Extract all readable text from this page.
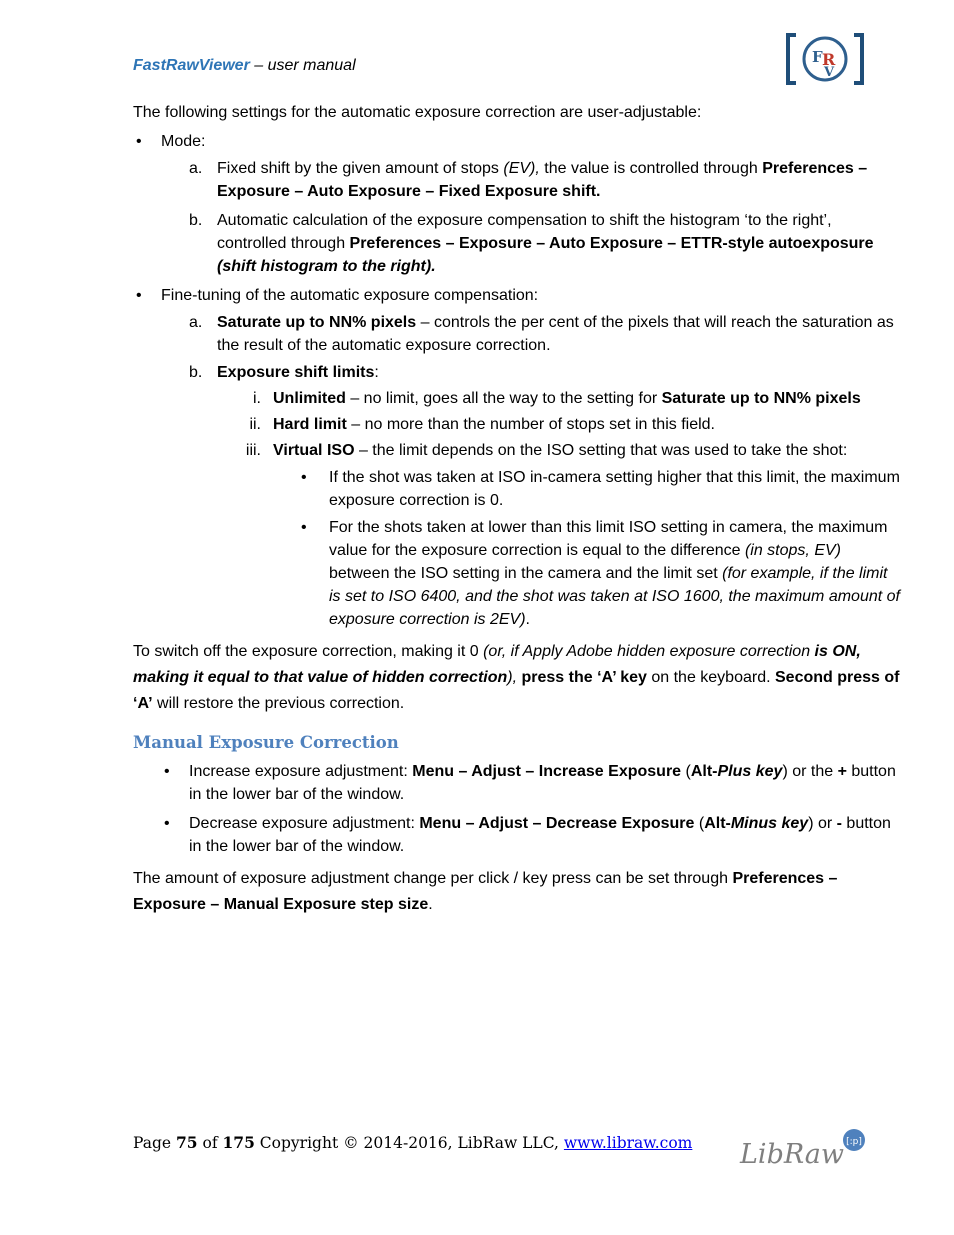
FastRawViewer – user manual	F R
V

The following settings for the automatic exposure correction are user-adjustable:

• Mode:
a. Fixed shift by the given amount of stops (EV), the value is controlled through Preferences – Exposure – Auto Exposure – Fixed Exposure shift.
b. Automatic calculation of the exposure compensation to shift the histogram ‘to the right’, controlled through Preferences – Exposure – Auto Exposure – ETTR-style autoexposure (shift histogram to the right).
• Fine-tuning of the automatic exposure compensation:
a. Saturate up to NN% pixels – controls the per cent of the pixels that will reach the saturation as the result of the automatic exposure correction.
b. Exposure shift limits:
i. Unlimited – no limit, goes all the way to the setting for Saturate up to NN% pixels
ii. Hard limit – no more than the number of stops set in this field.
iii. Virtual ISO – the limit depends on the ISO setting that was used to take the shot:
• If the shot was taken at ISO in-camera setting higher that this limit, the maximum exposure correction is 0.
• For the shots taken at lower than this limit ISO setting in camera, the maximum value for the exposure correction is equal to the difference (in stops, EV) between the ISO setting in the camera and the limit set (for example, if the limit is set to ISO 6400, and the shot was taken at ISO 1600, the maximum amount of exposure correction is 2EV).

To switch off the exposure correction, making it 0 (or, if Apply Adobe hidden exposure correction is ON, making it equal to that value of hidden correction), press the ‘A’ key on the keyboard. Second press of ‘A’ will restore the previous correction.

Manual Exposure Correction
• Increase exposure adjustment: Menu – Adjust – Increase Exposure (Alt-Plus key) or the + button in the lower bar of the window.
• Decrease exposure adjustment: Menu – Adjust – Decrease Exposure (Alt-Minus key) or - button in the lower bar of the window.

The amount of exposure adjustment change per click / key press can be set through Preferences – Exposure – Manual Exposure step size.

Page 75 of 175 Copyright © 2014-2016, LibRaw LLC, www.libraw.com LibRaw [:p]
